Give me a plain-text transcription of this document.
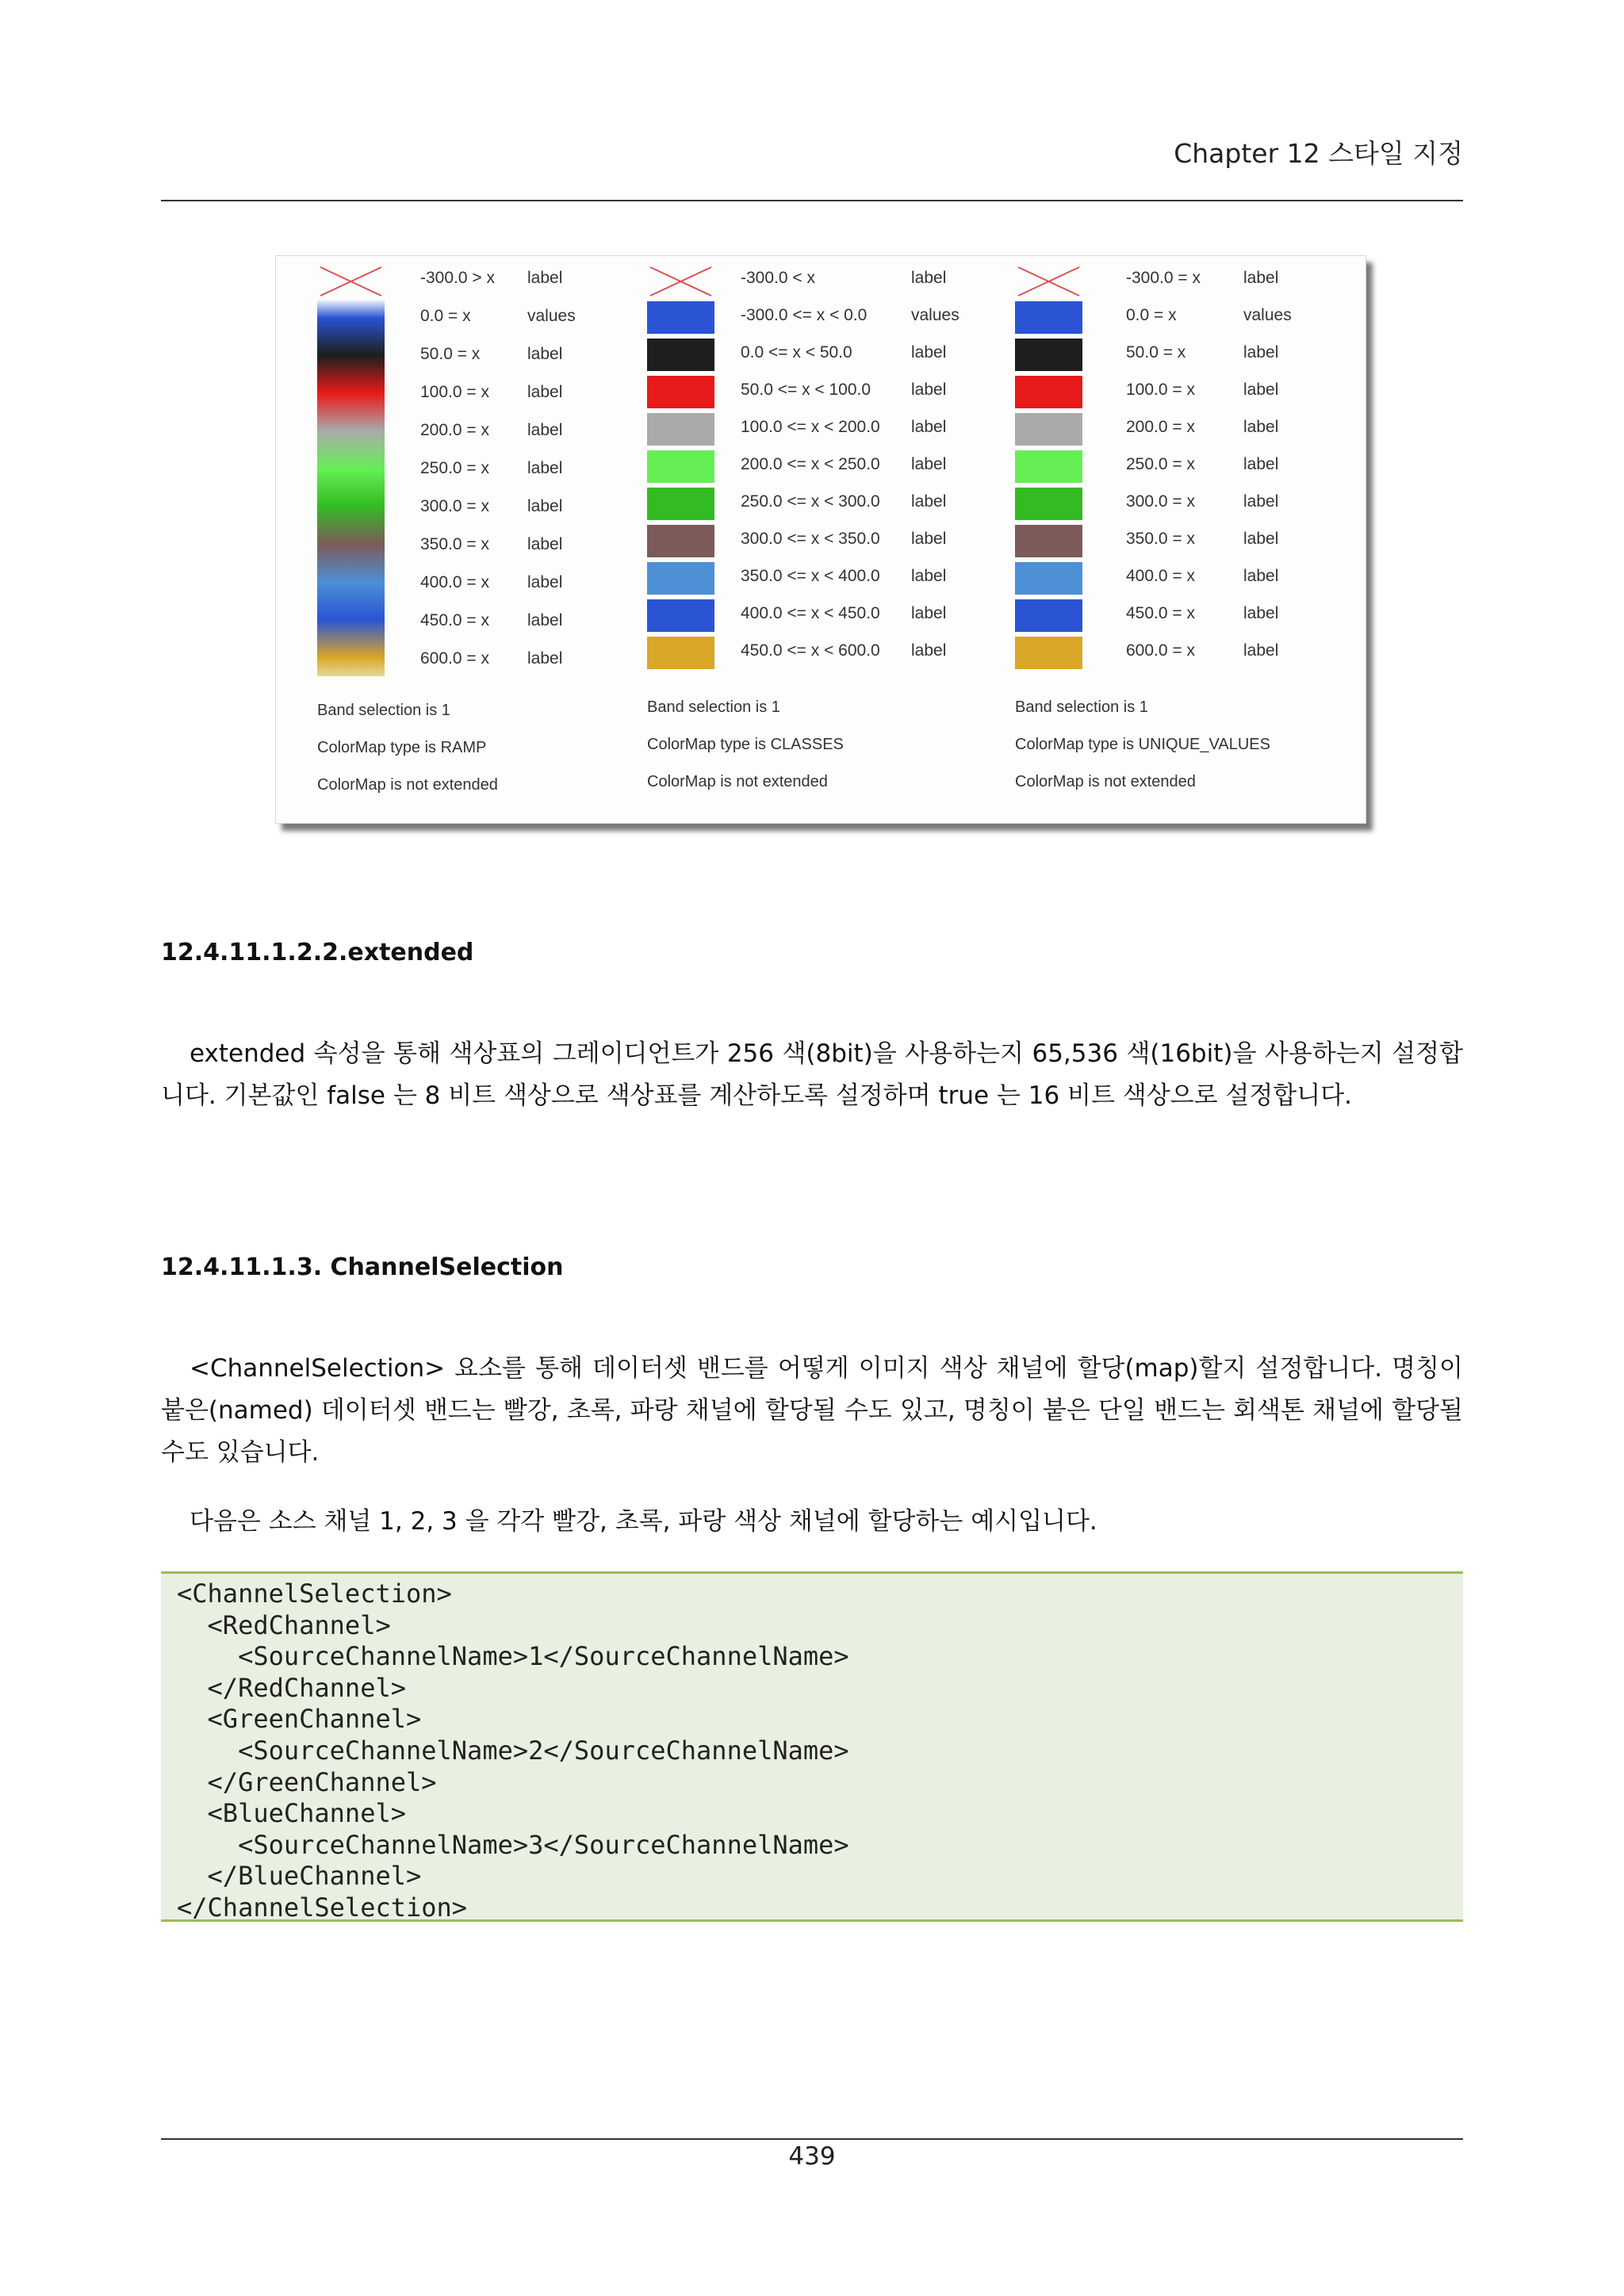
Chapter 12 스타일 지정
-300.0 > x label
0.0 = x	values
50.0 = x	label
100.0 = x label
200.0 = x label
250.0 = x label
300.0 = x label
350.0 = x label
400.0 = x label
450.0 = x label
600.0 = x label
Band selection is 1
ColorMap type is RAMP
ColorMap is not extended
-300.0 < x	label
-300.0 <= x < 0.0	values
0.0 <= x < 50.0	label
50.0 <= x < 100.0 label
100.0 <= x < 200.0 label
200.0 <= x < 250.0 label
250.0 <= x < 300.0 label
300.0 <= x < 350.0 label
350.0 <= x < 400.0 label
400.0 <= x < 450.0 label
450.0 <= x < 600.0 label
Band selection is 1
ColorMap type is CLASSES
ColorMap is not extended
-300.0 = x	label
0.0 = x	values
50.0 = x	label
100.0 = x	label
200.0 = x	label
250.0 = x	label
300.0 = x	label
350.0 = x	label
400.0 = x	label
450.0 = x	label
600.0 = x	label
Band selection is 1
ColorMap type is UNIQUE_VALUES
ColorMap is not extended
12.4.11.1.2.2.extended

extended 속성을 통해 색상표의 그레이디언트가 256 색(8bit)을 사용하는지 65,536 색(16bit)을 사용하는지 설정합니다. 기본값인 false 는 8 비트 색상으로 색상표를 계산하도록 설정하며 true 는 16 비트 색상으로 설정합니다.

12.4.11.1.3. ChannelSelection

<ChannelSelection> 요소를 통해 데이터셋 밴드를 어떻게 이미지 색상 채널에 할당(map)할지 설정합니다. 명칭이 붙은(named) 데이터셋 밴드는 빨강, 초록, 파랑 채널에 할당될 수도 있고, 명칭이 붙은 단일 밴드는 회색톤 채널에 할당될 수도 있습니다.

다음은 소스 채널 1, 2, 3 을 각각 빨강, 초록, 파랑 색상 채널에 할당하는 예시입니다.

<ChannelSelection>
<RedChannel>
<SourceChannelName>1</SourceChannelName>
</RedChannel>
<GreenChannel>
<SourceChannelName>2</SourceChannelName>
</GreenChannel>
<BlueChannel>
<SourceChannelName>3</SourceChannelName>
</BlueChannel>
</ChannelSelection>
439
